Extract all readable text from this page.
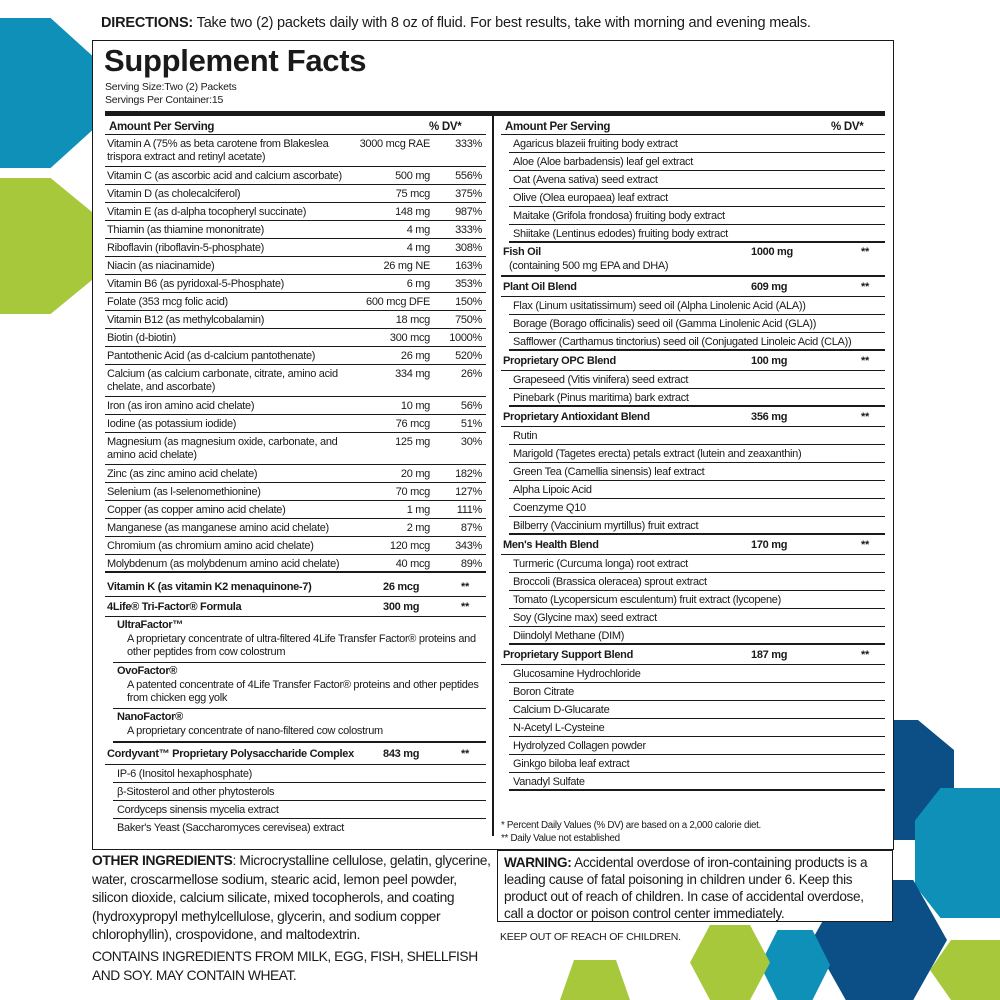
DIRECTIONS: Take two (2) packets daily with 8 oz of fluid. For best results, take with morning and evening meals.
Supplement Facts
Serving Size:Two (2) Packets
Servings Per Container:15
Amount Per Serving	% DV*
Vitamin K (as vitamin K2 menaquinone-7)	26 mcg	**
4Life® Tri-Factor® Formula	300 mg	**
UltraFactor™
A proprietary concentrate of ultra-filtered 4Life Transfer Factor® proteins and other peptides from cow colostrum
OvoFactor®
A patented concentrate of 4Life Transfer Factor® proteins and other peptides from chicken egg yolk
NanoFactor®
A proprietary concentrate of nano-filtered cow colostrum
Cordyvant™ Proprietary Polysaccharide Complex	843 mg	**
Vitamin A (75% as beta carotene from Blakeslea trispora extract and retinyl acetate)
3000 mcg RAE 333%
Vitamin C (as ascorbic acid and calcium ascorbate)	500 mg 556%
Vitamin D (as cholecalciferol)	75 mcg 375%
Vitamin E (as d-alpha tocopheryl succinate)	148 mg 987%
Thiamin (as thiamine mononitrate)	4 mg 333%
Riboflavin (riboflavin-5-phosphate)	4 mg 308%
Niacin (as niacinamide)	26 mg NE 163%
Vitamin B6 (as pyridoxal-5-Phosphate)	6 mg 353%
Folate (353 mcg folic acid)	600 mcg DFE 150%
Vitamin B12 (as methylcobalamin)	18 mcg 750%
Biotin (d-biotin)	300 mcg 1000%
Pantothenic Acid (as d-calcium pantothenate)	26 mg 520%
Calcium (as calcium carbonate, citrate, amino acid chelate, and ascorbate)
334 mg	26%
Iron (as iron amino acid chelate)	10 mg	56%
Iodine (as potassium iodide)	76 mcg	51%
Magnesium (as magnesium oxide, carbonate, and amino acid chelate)
125 mg	30%
Zinc (as zinc amino acid chelate)	20 mg 182%
Selenium (as l-selenomethionine)	70 mcg 127%
Copper (as copper amino acid chelate)	1 mg 111%
Manganese (as manganese amino acid chelate)	2 mg	87%
Chromium (as chromium amino acid chelate)	120 mcg 343%
Molybdenum (as molybdenum amino acid chelate)	40 mcg	89%
IP-6 (Inositol hexaphosphate)
β-Sitosterol and other phytosterols
Cordyceps sinensis mycelia extract
Baker's Yeast (Saccharomyces cerevisea) extract
Amount Per Serving	% DV*
* Percent Daily Values (% DV) are based on a 2,000 calorie diet.
** Daily Value not established
Agaricus blazeii fruiting body extract
Aloe (Aloe barbadensis) leaf gel extract
Oat (Avena sativa) seed extract
Olive (Olea europaea) leaf extract
Maitake (Grifola frondosa) fruiting body extract
Shiitake (Lentinus edodes) fruiting body extract
Fish Oil	1000 mg	**
(containing 500 mg EPA and DHA)
Plant Oil Blend	609 mg	**
Flax (Linum usitatissimum) seed oil (Alpha Linolenic Acid (ALA))
Borage (Borago officinalis) seed oil (Gamma Linolenic Acid (GLA))
Safflower (Carthamus tinctorius) seed oil (Conjugated Linoleic Acid (CLA))
Proprietary OPC Blend	100 mg	**
Grapeseed (Vitis vinifera) seed extract
Pinebark (Pinus maritima) bark extract
Proprietary Antioxidant Blend	356 mg	**
Rutin
Marigold (Tagetes erecta) petals extract (lutein and zeaxanthin)
Green Tea (Camellia sinensis) leaf extract
Alpha Lipoic Acid
Coenzyme Q10
Bilberry (Vaccinium myrtillus) fruit extract
Men's Health Blend	170 mg	**
Turmeric (Curcuma longa) root extract
Broccoli (Brassica oleracea) sprout extract
Tomato (Lycopersicum esculentum) fruit extract (lycopene)
Soy (Glycine max) seed extract
Diindolyl Methane (DIM)
Proprietary Support Blend	187 mg	**
Glucosamine Hydrochloride
Boron Citrate
Calcium D-Glucarate
N-Acetyl L-Cysteine
Hydrolyzed Collagen powder
Ginkgo biloba leaf extract
Vanadyl Sulfate
OTHER INGREDIENTS: Microcrystalline cellulose, gelatin, glycerine, water, croscarmellose sodium, stearic acid, lemon peel powder, silicon dioxide, calcium silicate, mixed tocopherols, and coating (hydroxypropyl methylcellulose, glycerin, and sodium copper chlorophyllin), crospovidone, and maltodextrin.
CONTAINS INGREDIENTS FROM MILK, EGG, FISH, SHELLFISH AND SOY. MAY CONTAIN WHEAT.
WARNING: Accidental overdose of iron-containing products is a leading cause of fatal poisoning in children under 6. Keep this product out of reach of children. In case of accidental overdose, call a doctor or poison control center immediately.
KEEP OUT OF REACH OF CHILDREN.
